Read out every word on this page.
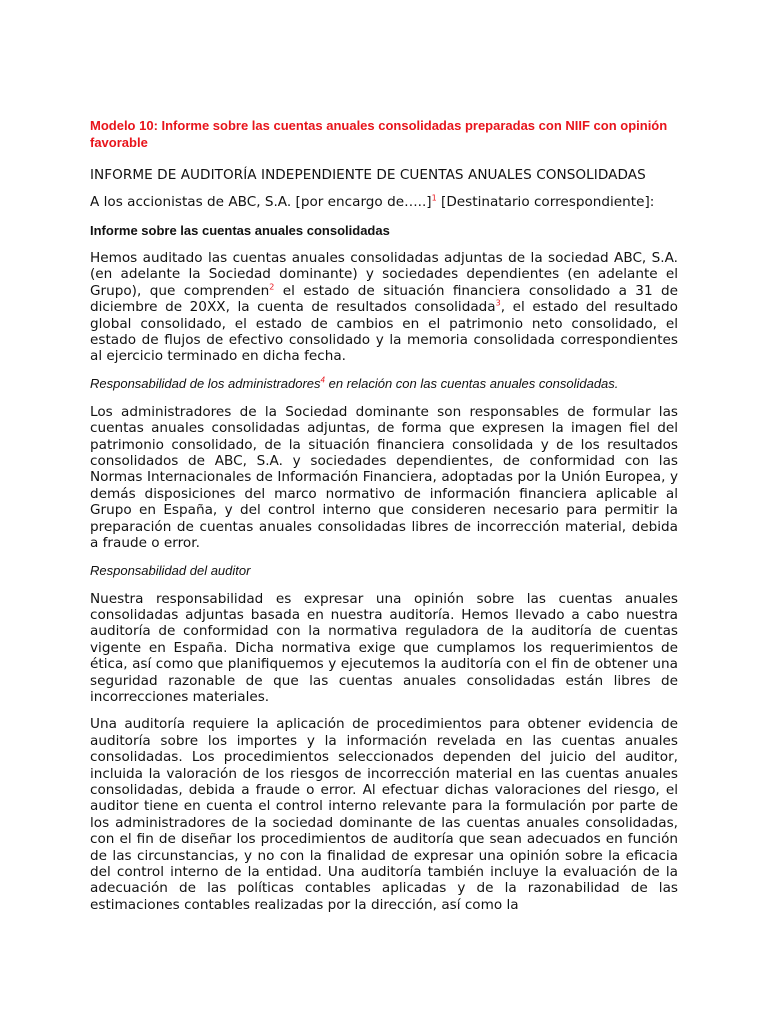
Modelo 10: Informe sobre las cuentas anuales consolidadas preparadas con NIIF con opinión favorable

INFORME DE AUDITORÍA INDEPENDIENTE DE CUENTAS ANUALES CONSOLIDADAS

A los accionistas de ABC, S.A. [por encargo de…..]$^1$ [Destinatario correspondiente]:

Informe sobre las cuentas anuales consolidadas

Hemos auditado las cuentas anuales consolidadas adjuntas de la sociedad ABC, S.A. (en adelante la Sociedad dominante) y sociedades dependientes (en adelante el Grupo), que comprenden$^2$ el estado de situación financiera consolidado a 31 de diciembre de 20XX, la cuenta de resultados consolidada$^3$, el estado del resultado global consolidado, el estado de cambios en el patrimonio neto consolidado, el estado de flujos de efectivo consolidado y la memoria consolidada correspondientes al ejercicio terminado en dicha fecha.

Responsabilidad de los administradores$^4$ en relación con las cuentas anuales consolidadas.

Los administradores de la Sociedad dominante son responsables de formular las cuentas anuales consolidadas adjuntas, de forma que expresen la imagen fiel del patrimonio consolidado, de la situación financiera consolidada y de los resultados consolidados de ABC, S.A. y sociedades dependientes, de conformidad con las Normas Internacionales de Información Financiera, adoptadas por la Unión Europea, y demás disposiciones del marco normativo de información financiera aplicable al Grupo en España, y del control interno que consideren necesario para permitir la preparación de cuentas anuales consolidadas libres de incorrección material, debida a fraude o error.

Responsabilidad del auditor

Nuestra responsabilidad es expresar una opinión sobre las cuentas anuales consolidadas adjuntas basada en nuestra auditoría. Hemos llevado a cabo nuestra auditoría de conformidad con la normativa reguladora de la auditoría de cuentas vigente en España. Dicha normativa exige que cumplamos los requerimientos de ética, así como que planifiquemos y ejecutemos la auditoría con el fin de obtener una seguridad razonable de que las cuentas anuales consolidadas están libres de incorrecciones materiales.

Una auditoría requiere la aplicación de procedimientos para obtener evidencia de auditoría sobre los importes y la información revelada en las cuentas anuales consolidadas. Los procedimientos seleccionados dependen del juicio del auditor, incluida la valoración de los riesgos de incorrección material en las cuentas anuales consolidadas, debida a fraude o error. Al efectuar dichas valoraciones del riesgo, el auditor tiene en cuenta el control interno relevante para la formulación por parte de los administradores de la sociedad dominante de las cuentas anuales consolidadas, con el fin de diseñar los procedimientos de auditoría que sean adecuados en función de las circunstancias, y no con la finalidad de expresar una opinión sobre la eficacia del control interno de la entidad. Una auditoría también incluye la evaluación de la adecuación de las políticas contables aplicadas y de la razonabilidad de las estimaciones contables realizadas por la dirección, así como la
